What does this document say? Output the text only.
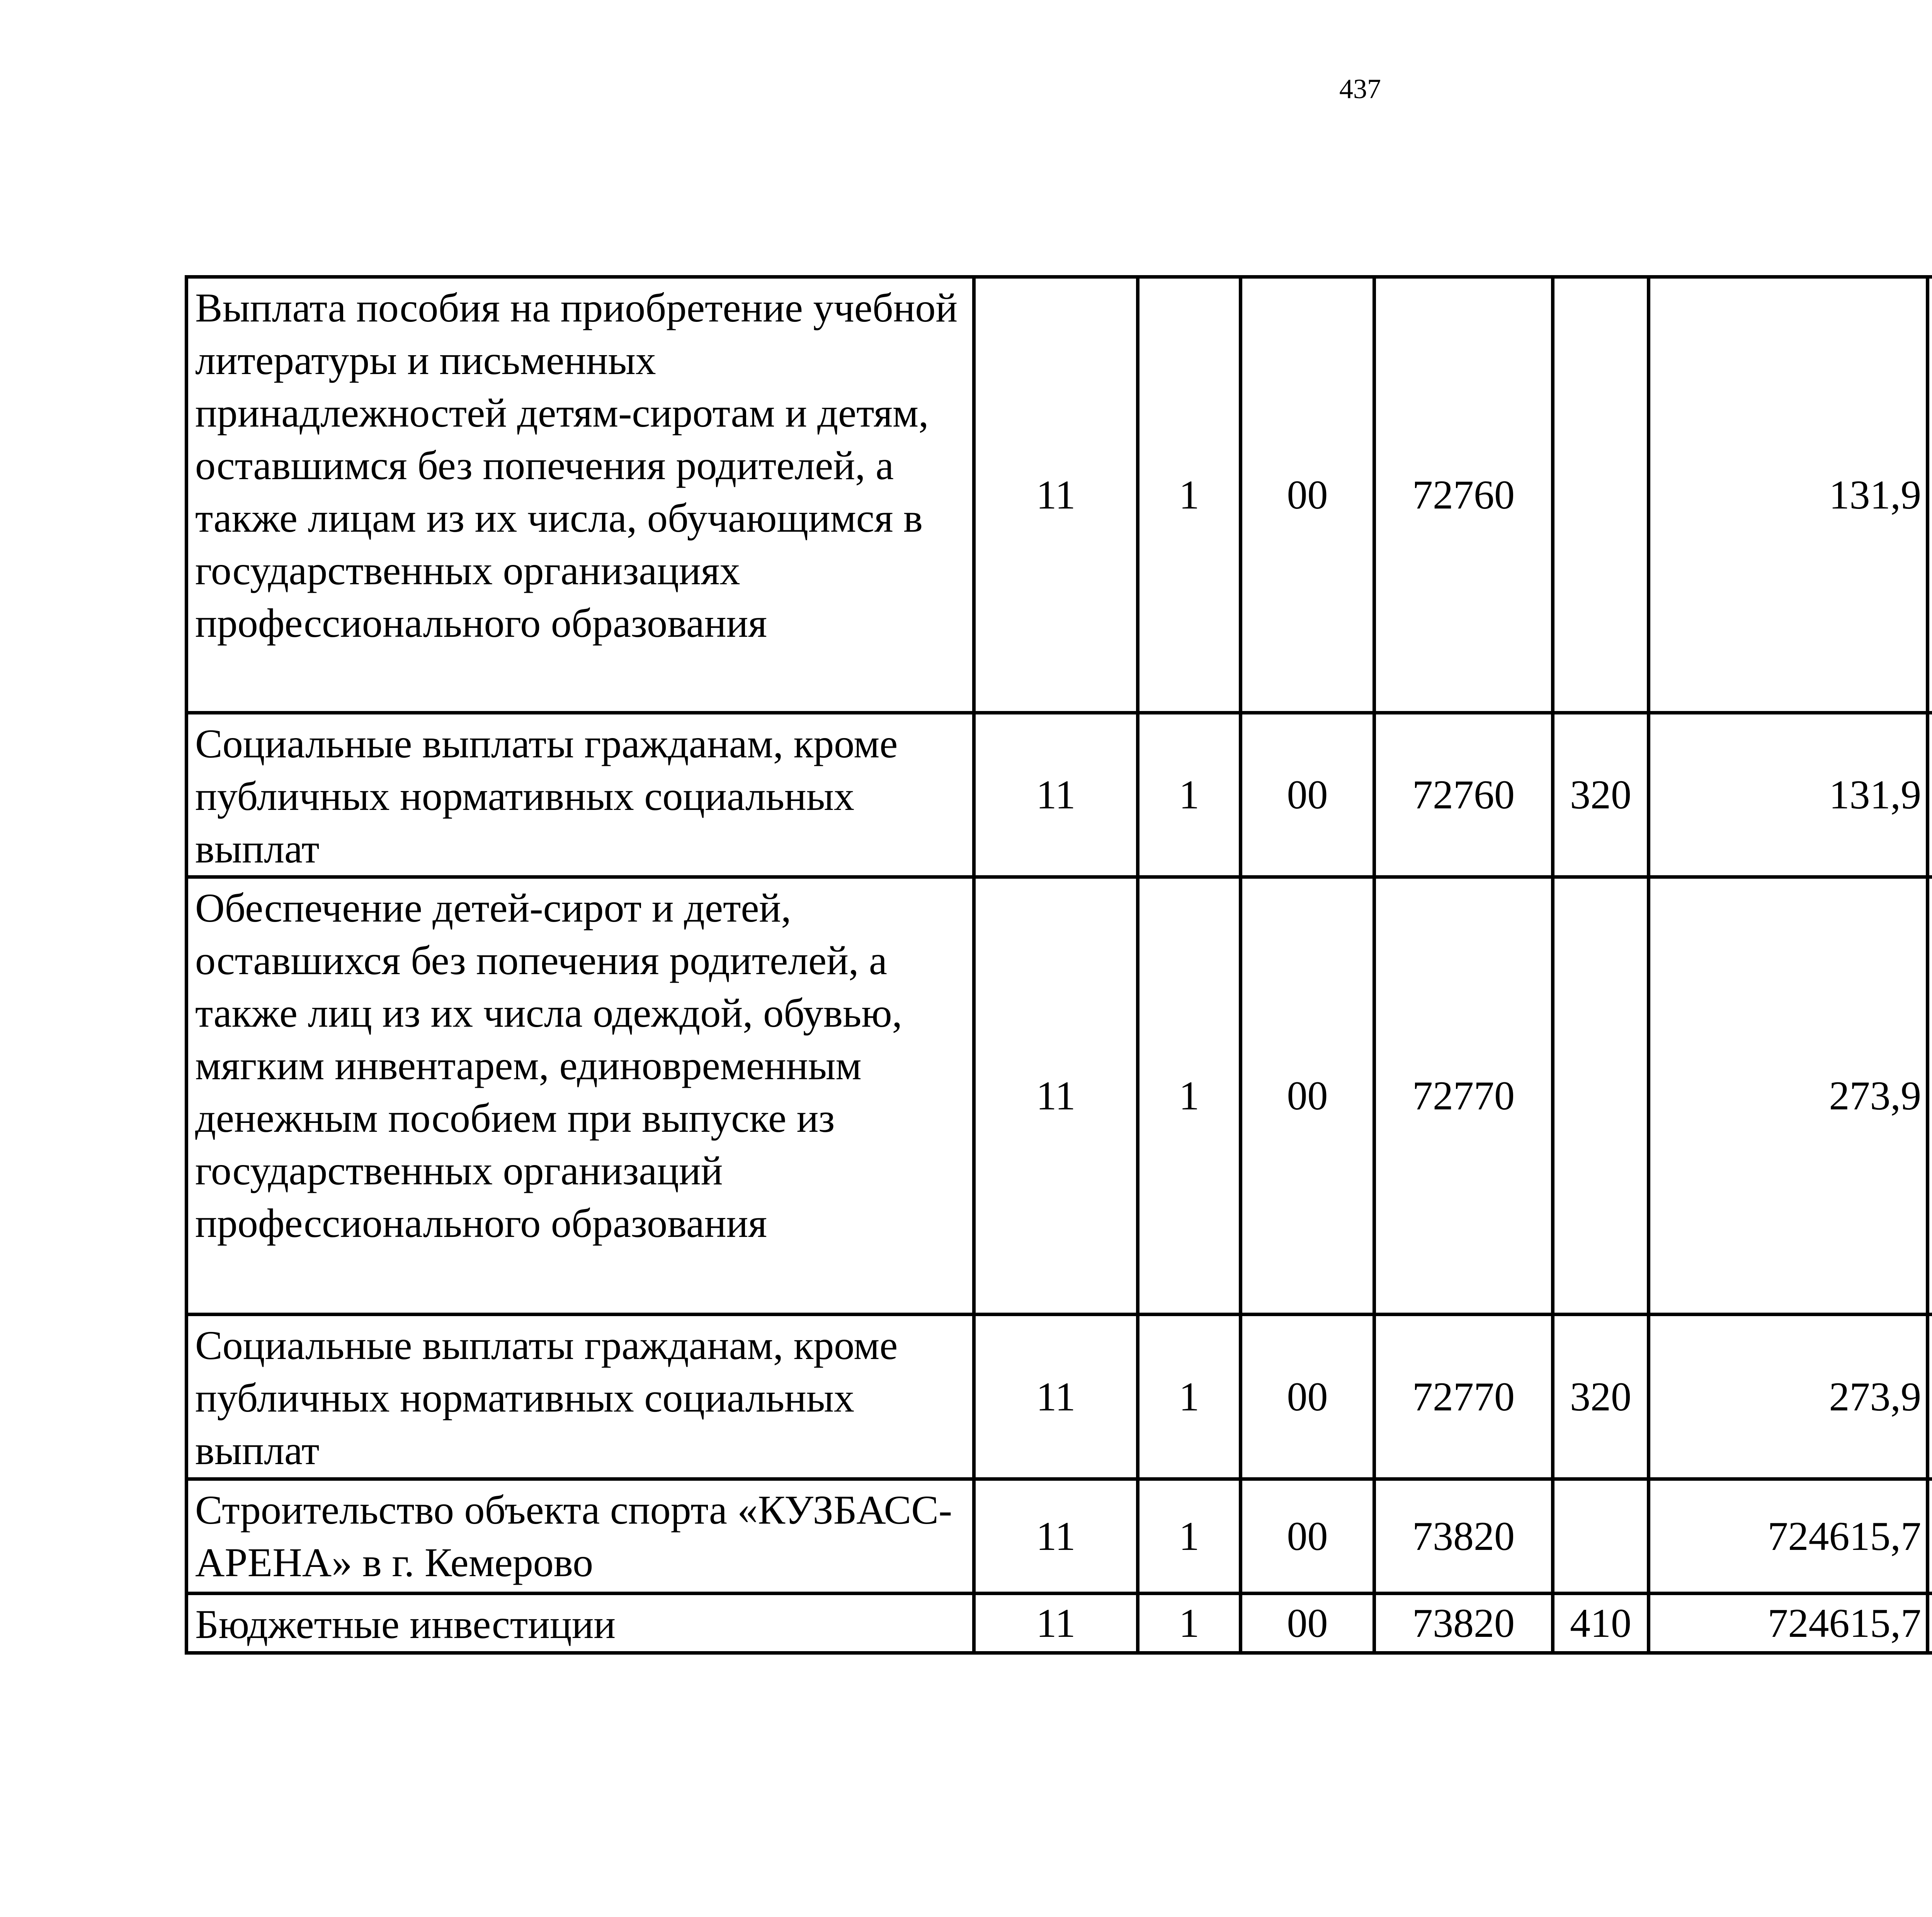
437
Выплата пособия на приобретение учебной литературы и письменных принадлежностей детям-сиротам и детям, оставшимся без попечения родителей, а также лицам из их числа, обучающимся в государственных организациях профессионального образования	11	1	00	72760		131,9		
Социальные выплаты гражданам, кроме публичных нормативных социальных выплат	11	1	00	72760	320	131,9		
Обеспечение детей-сирот и детей, оставшихся без попечения родителей, а также лиц из их числа одеждой, обувью, мягким инвентарем, единовременным денежным пособием при выпуске из государственных организаций профессионального образования	11	1	00	72770		273,9		
Социальные выплаты гражданам, кроме публичных нормативных социальных выплат	11	1	00	72770	320	273,9		
Строительство объекта спорта «КУЗБАСС-АРЕНА» в г. Кемерово	11	1	00	73820		724615,7		
Бюджетные инвестиции	11	1	00	73820	410	724615,7		
